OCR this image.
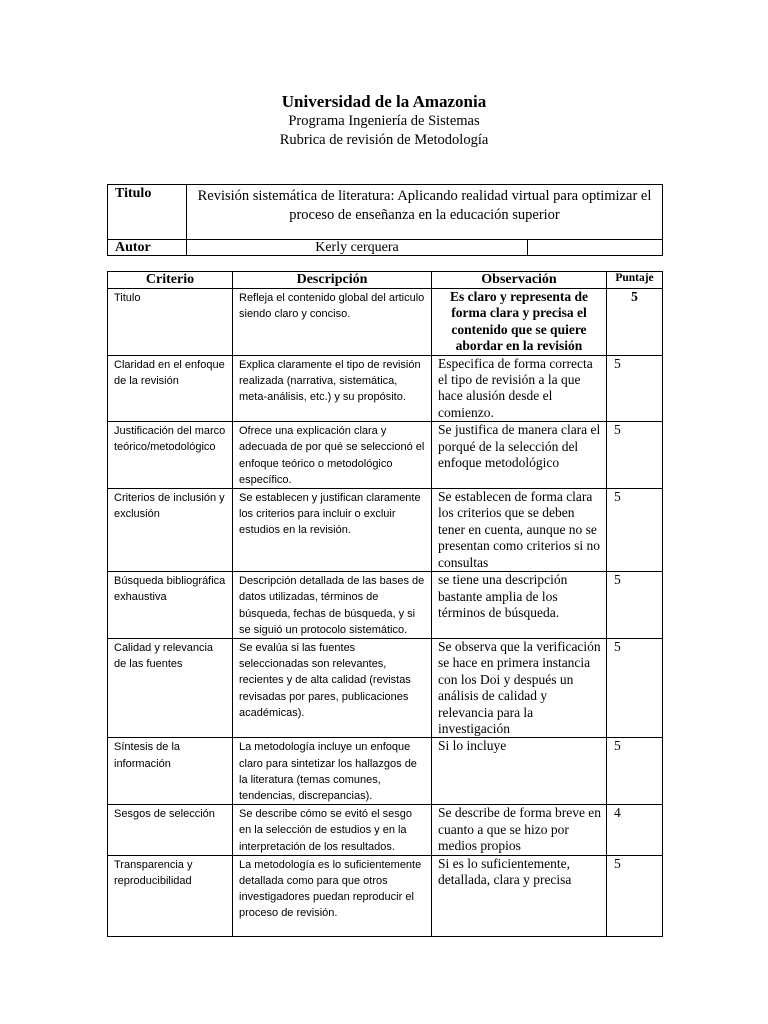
Universidad de la Amazonia
Programa Ingeniería de Sistemas
Rubrica de revisión de Metodología
Titulo	Revisión sistemática de literatura: Aplicando realidad virtual para optimizar el proceso de enseñanza en la educación superior	
Autor	Kerly cerquera	
Criterio	Descripción	Observación	Puntaje
Titulo	Refleja el contenido global del articulo siendo claro y conciso.	Es claro y representa de forma clara y precisa el contenido que se quiere abordar en la revisión	5
Claridad en el enfoque de la revisión	Explica claramente el tipo de revisión realizada (narrativa, sistemática, meta-análisis, etc.) y su propósito.	Especifica de forma correcta el tipo de revisión a la que hace alusión desde el comienzo.	5
Justificación del marco teórico/metodológico	Ofrece una explicación clara y adecuada de por qué se seleccionó el enfoque teórico o metodológico específico.	Se justifica de manera clara el porqué de la selección del enfoque metodológico	5
Criterios de inclusión y exclusión	Se establecen y justifican claramente los criterios para incluir o excluir estudios en la revisión.	Se establecen de forma clara los criterios que se deben tener en cuenta, aunque no se presentan como criterios si no consultas	5
Búsqueda bibliográfica exhaustiva	Descripción detallada de las bases de datos utilizadas, términos de búsqueda, fechas de búsqueda, y si se siguió un protocolo sistemático.	se tiene una descripción bastante amplia de los términos de búsqueda.	5
Calidad y relevancia de las fuentes	Se evalúa si las fuentes seleccionadas son relevantes, recientes y de alta calidad (revistas revisadas por pares, publicaciones académicas).	Se observa que la verificación se hace en primera instancia con los Doi y después un análisis de calidad y relevancia para la investigación	5
Síntesis de la información	La metodología incluye un enfoque claro para sintetizar los hallazgos de la literatura (temas comunes, tendencias, discrepancias).	Si lo incluye	5
Sesgos de selección	Se describe cómo se evitó el sesgo en la selección de estudios y en la interpretación de los resultados.	Se describe de forma breve en cuanto a que se hizo por medios propios	4
Transparencia y reproducibilidad	La metodología es lo suficientemente detallada como para que otros investigadores puedan reproducir el proceso de revisión.	Si es lo suficientemente, detallada, clara y precisa	5
